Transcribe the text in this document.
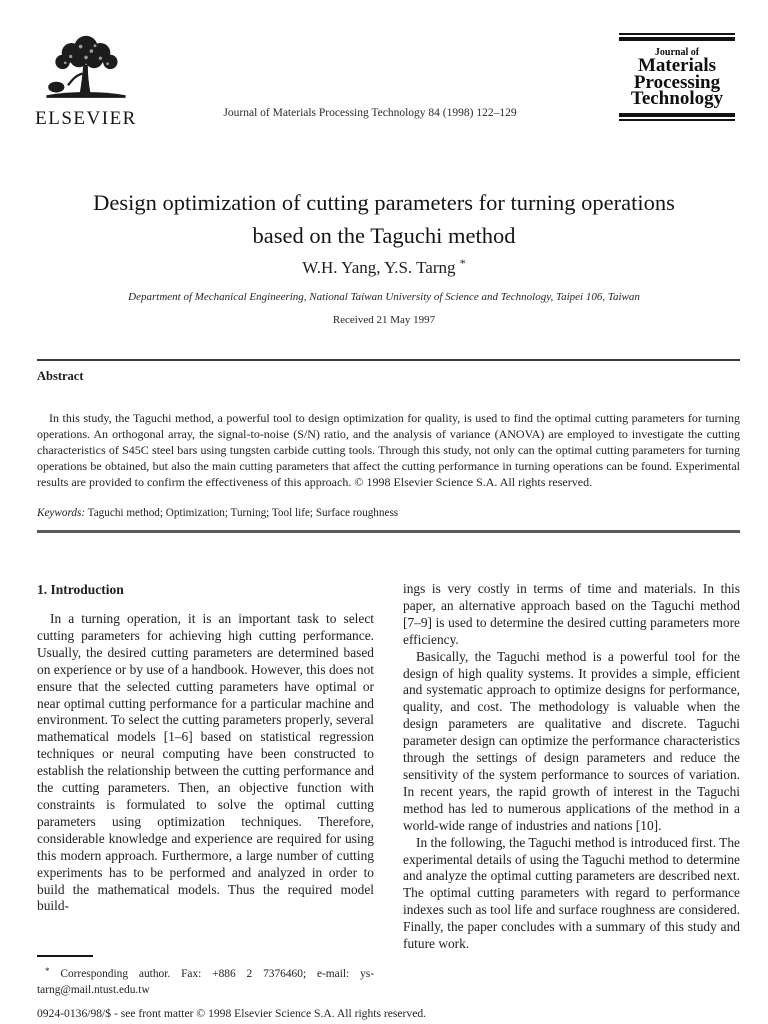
ELSEVIER	Journal of Materials Processing Technology 84 (1998) 122–129
Journal of
Materials
Processing
Technology
Design optimization of cutting parameters for turning operations
based on the Taguchi method
W.H. Yang, Y.S. Tarng *
Department of Mechanical Engineering, National Taiwan University of Science and Technology, Taipei 106, Taiwan
Received 21 May 1997
Abstract

In this study, the Taguchi method, a powerful tool to design optimization for quality, is used to find the optimal cutting parameters for turning operations. An orthogonal array, the signal-to-noise (S/N) ratio, and the analysis of variance (ANOVA) are employed to investigate the cutting characteristics of S45C steel bars using tungsten carbide cutting tools. Through this study, not only can the optimal cutting parameters for turning operations be obtained, but also the main cutting parameters that affect the cutting performance in turning operations can be found. Experimental results are provided to confirm the effectiveness of this approach. © 1998 Elsevier Science S.A. All rights reserved.

Keywords: Taguchi method; Optimization; Turning; Tool life; Surface roughness
1. Introduction

In a turning operation, it is an important task to select cutting parameters for achieving high cutting performance. Usually, the desired cutting parameters are determined based on experience or by use of a handbook. However, this does not ensure that the selected cutting parameters have optimal or near optimal cutting performance for a particular machine and environment. To select the cutting parameters properly, several mathematical models [1–6] based on statistical regression techniques or neural computing have been constructed to establish the relationship between the cutting performance and the cutting parameters. Then, an objective function with constraints is formulated to solve the optimal cutting parameters using optimization techniques. Therefore, considerable knowledge and experience are required for using this modern approach. Furthermore, a large number of cutting experiments has to be performed and analyzed in order to build the mathematical models. Thus the required model build-

ings is very costly in terms of time and materials. In this paper, an alternative approach based on the Taguchi method [7–9] is used to determine the desired cutting parameters more efficiency.

Basically, the Taguchi method is a powerful tool for the design of high quality systems. It provides a simple, efficient and systematic approach to optimize designs for performance, quality, and cost. The methodology is valuable when the design parameters are qualitative and discrete. Taguchi parameter design can optimize the performance characteristics through the settings of design parameters and reduce the sensitivity of the system performance to sources of variation. In recent years, the rapid growth of interest in the Taguchi method has led to numerous applications of the method in a world-wide range of industries and nations [10].

In the following, the Taguchi method is introduced first. The experimental details of using the Taguchi method to determine and analyze the optimal cutting parameters are described next. The optimal cutting parameters with regard to performance indexes such as tool life and surface roughness are considered. Finally, the paper concludes with a summary of this study and future work.

* Corresponding author. Fax: +886 2 7376460; e-mail: ys-tarng@mail.ntust.edu.tw

0924-0136/98/$ - see front matter © 1998 Elsevier Science S.A. All rights reserved.
